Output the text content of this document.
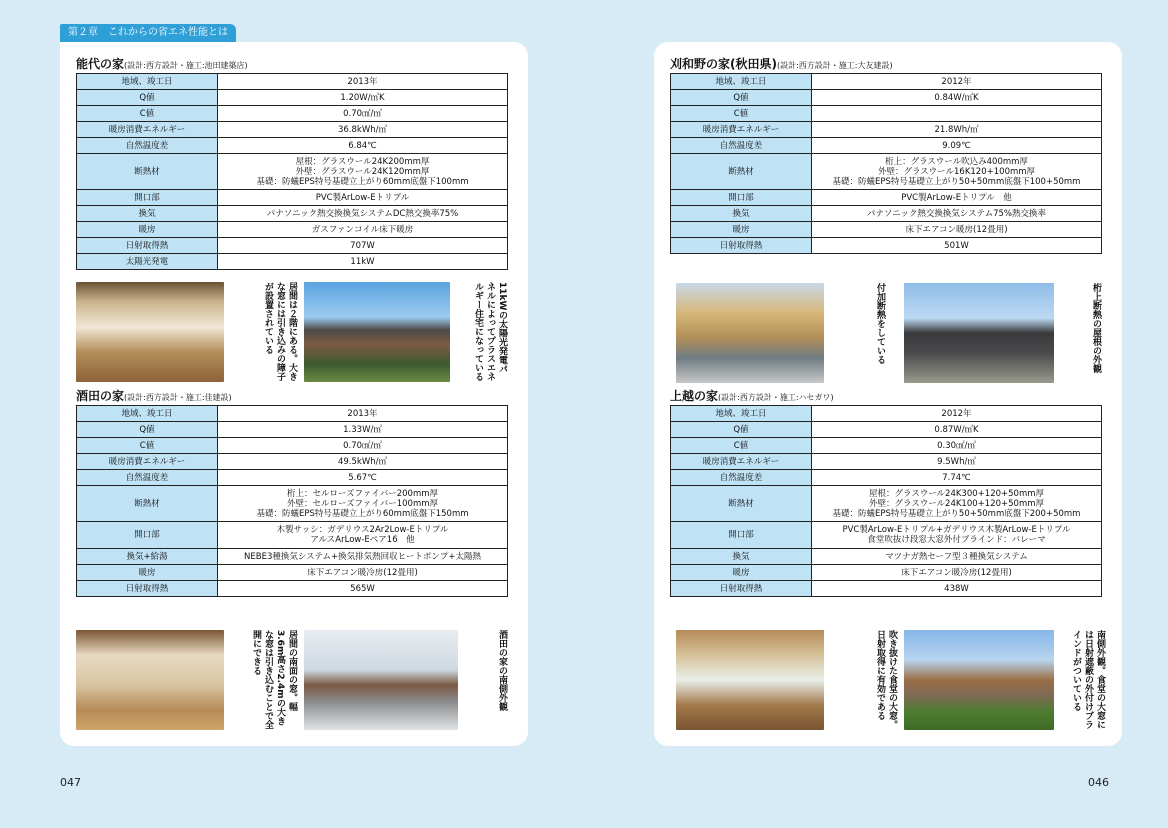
第２章　これからの省エネ性能とは
能代の家(設計:西方設計・施工:池田建築店)
地域、竣工日	2013年
Q値	1.20W/㎡K
C値	0.70㎠/㎡
暖房消費エネルギー	36.8kWh/㎡
自然温度差	6.84℃
断熱材	屋根：グラスウール24K200mm厚
外壁：グラスウール24K120mm厚
基礎：防蟻EPS特号基礎立上がり60mm底盤下100mm

開口部	PVC製ArLow-Eトリプル
換気	パナソニック熱交換換気システムDC熱交換率75%
暖房	ガスファンコイル床下暖房
日射取得熱	707W
太陽光発電	11kW
居間は２階にある。大きな窓には引き込みの障子が設置されている	11kWの太陽光発電パネルによってプラスエネルギー住宅になっている
酒田の家(設計:西方設計・施工:佳建設)
地域、竣工日	2013年
Q値	1.33W/㎡
C値	0.70㎠/㎡
暖房消費エネルギー	49.5kWh/㎡
自然温度差	5.67℃
断熱材	桁上：セルローズファイバー200mm厚
外壁：セルローズファイバー100mm厚
基礎：防蟻EPS特号基礎立上がり60mm底盤下150mm

開口部	木製サッシ：ガデリウス2Ar2Low-Eトリプル
アルスArLow-Eペア16　他

換気+給湯	NEBE3種換気システム+換気排気熱回収ヒートポンプ+太陽熱
暖房	床下エアコン暖冷房(12畳用)
日射取得熱	565W
居間の南面の窓。幅3.6m高さ2.4mの大きな窓は引き込むことで全開にできる	酒田の家の南側外観
刈和野の家(秋田県)(設計:西方設計・施工:大友建設)
地域、竣工日	2012年
Q値	0.84W/㎡K
C値	
暖房消費エネルギー	21.8Wh/㎡
自然温度差	9.09℃
断熱材	桁上：グラスウール吹込み400mm厚
外壁：グラスウール16K120+100mm厚
基礎：防蟻EPS特号基礎立上がり50+50mm底盤下100+50mm

開口部	PVC製ArLow-Eトリプル　他
換気	パナソニック熱交換換気システム75%熱交換率
暖房	床下エアコン暖房(12畳用)
日射取得熱	501W
付加断熱をしている	桁上断熱の屋根の外観
上越の家(設計:西方設計・施工:ハセガワ)
地域、竣工日	2012年
Q値	0.87W/㎡K
C値	0.30㎠/㎡
暖房消費エネルギー	9.5Wh/㎡
自然温度差	7.74℃
断熱材	屋根：グラスウール24K300+120+50mm厚
外壁：グラスウール24K100+120+50mm厚
基礎：防蟻EPS特号基礎立上がり50+50mm底盤下200+50mm

開口部	PVC製ArLow-Eトリプル+ガデリウス木製ArLow-Eトリプル
食堂吹抜け段窓大窓外付ブラインド：バレーマ

換気	マツナガ熱セーフ型３種換気システム
暖房	床下エアコン暖冷房(12畳用)
日射取得熱	438W
吹き抜けた食堂の大窓。日射取得に有効である	南側外観。食堂の大窓には日射遮蔽の外付けブラインドがついている
047	046
